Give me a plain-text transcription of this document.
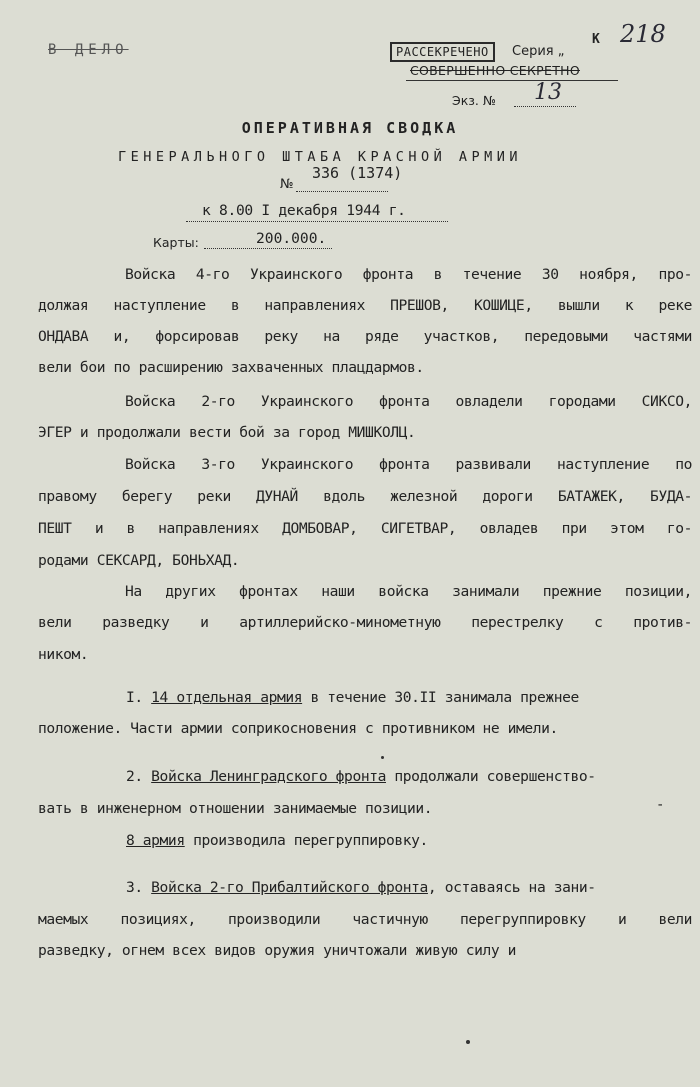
В ДЕЛО	РАССЕКРЕЧЕНО	Серия „
К 218
СОВЕРШЕННО СЕКРЕТНО
Экз. № 13
ОПЕРАТИВНАЯ СВОДКА
ГЕНЕРАЛЬНОГО ШТАБА КРАСНОЙ АРМИИ
№
336 (1374)
к 8.00 I декабря 1944 г.
Карты:	200.000.
Войска 4-го Украинского фронта в течение 30 ноября, про-
должая наступление в направлениях ПРЕШОВ, КОШИЦЕ, вышли к реке
ОНДАВА и, форсировав реку на ряде участков, передовыми частями
вели бои по расширению захваченных плацдармов.
Войска 2-го Украинского фронта овладели городами СИКСО,
ЭГЕР и продолжали вести бой за город МИШКОЛЦ.
Войска 3-го Украинского фронта развивали наступление по
правому берегу реки ДУНАЙ вдоль железной дороги БАТАЖЕК, БУДА-
ПЕШТ и в направлениях ДОМБОВАР, СИГЕТВАР, овладев при этом го-
родами СЕКСАРД, БОНЬХАД.
На других фронтах наши войска занимали прежние позиции,
вели разведку и артиллерийско-минометную перестрелку с против-
ником.
I. 14 отдельная армия в течение 30.II занимала прежнее
положение. Части армии соприкосновения с противником не имели.
2. Войска Ленинградского фронта продолжали совершенство-
вать в инженерном отношении занимаемые позиции.	-
8 армия производила перегруппировку.
3. Войска 2-го Прибалтийского фронта, оставаясь на зани-
маемых позициях, производили частичную перегруппировку и вели
разведку, огнем всех видов оружия уничтожали живую силу и
